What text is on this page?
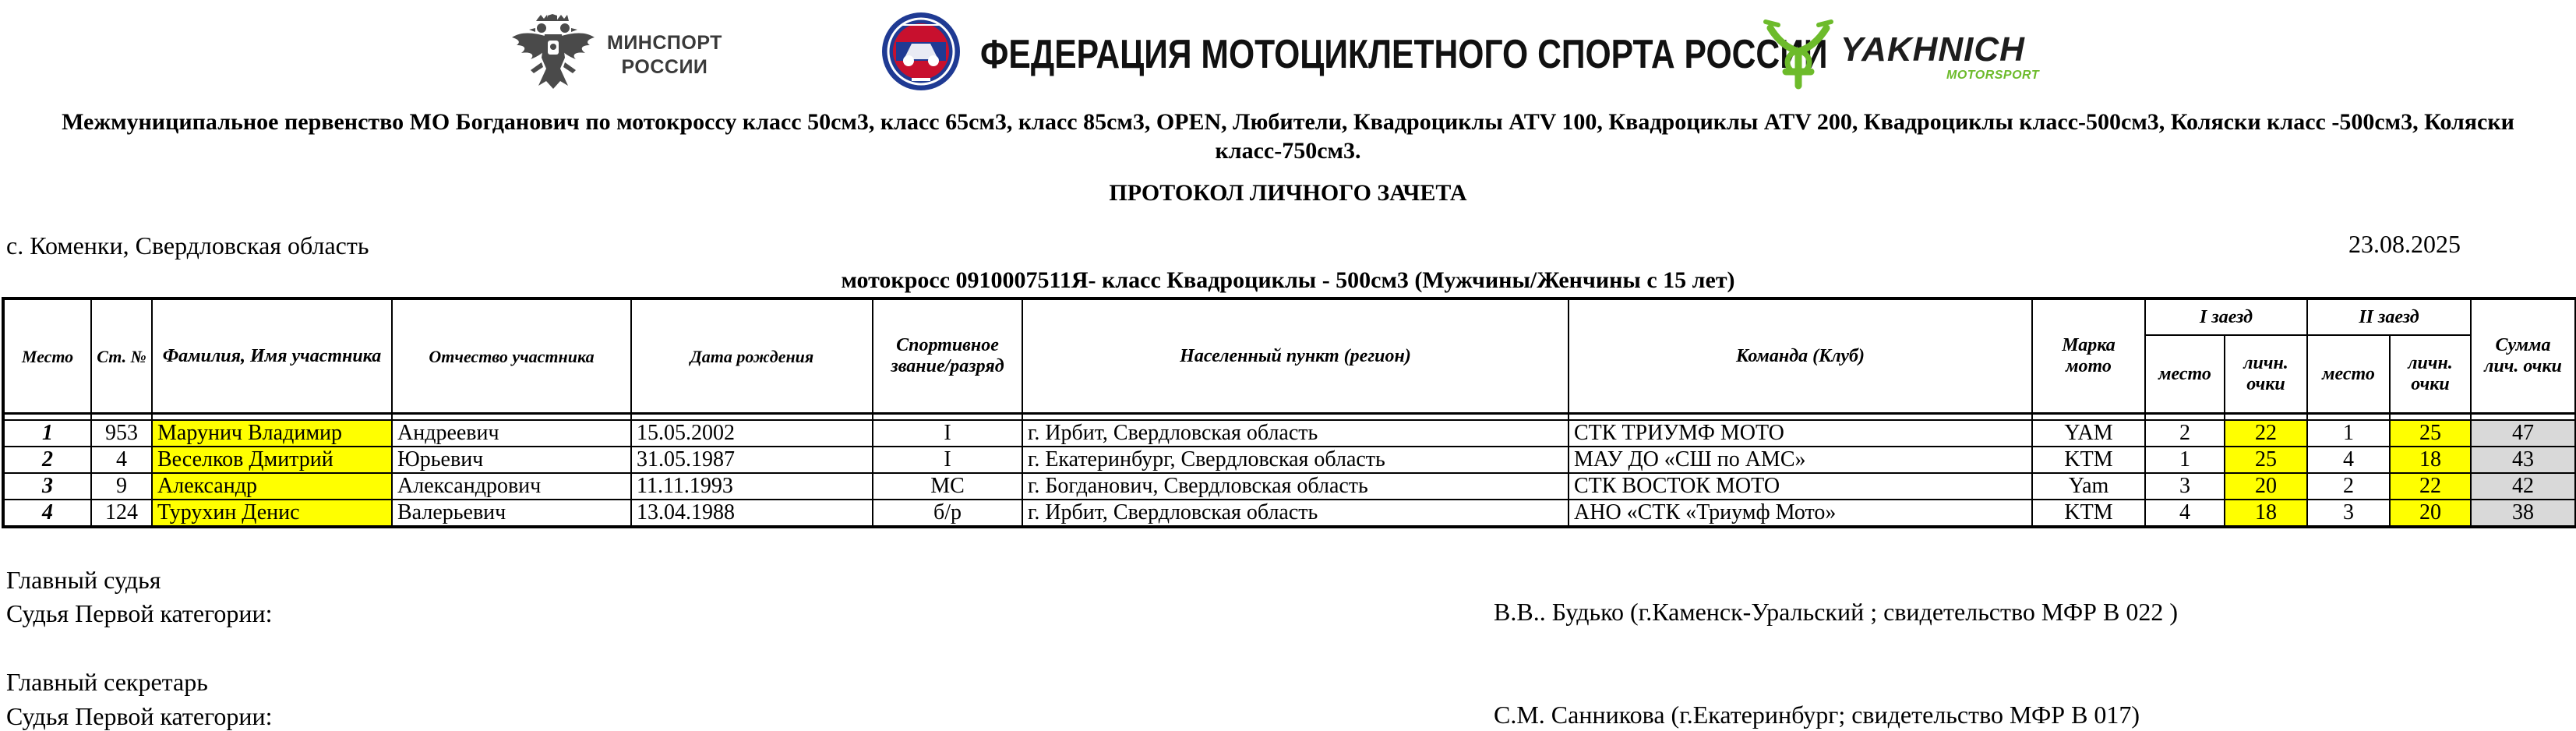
МИНСПОРТ
РОССИИ	ФЕДЕРАЦИЯ МОТОЦИКЛЕТНОГО СПОРТА РОССИИ YAKHNICH
MOTORSPORT
Межмуниципальное первенство МО Богданович по мотокроссу класс 50см3, класс 65см3, класс 85см3, OPEN, Любители, Квадроциклы ATV 100, Квадроциклы ATV 200, Квадроциклы класс-500см3, Коляски класс -500см3, Коляски класс-750см3.
ПРОТОКОЛ ЛИЧНОГО ЗАЧЕТА
с. Коменки, Свердловская область	23.08.2025
мотокросс 0910007511Я- класс Квадроциклы - 500см3 (Мужчины/Женчины с 15 лет)
Место	Ст. №	Фамилия, Имя участника	Отчество участника	Дата рождения	Спортивное звание/разряд	Населенный пункт (регион)	Команда (Клуб)	Марка мото	I заезд		II заезд		Сумма лич. очки
									место	личн. очки	место	личн. очки	

1	953	Марунич Владимир	Андреевич	15.05.2002	I	г. Ирбит, Свердловская область	СТК ТРИУМФ МОТО	YAM	2	22	1	25	47
2	4	Веселков Дмитрий	Юрьевич	31.05.1987	I	г. Екатеринбург, Свердловская область	МАУ ДО «СШ по АМС»	KTM	1	25	4	18	43
3	9	Александр	Александрович	11.11.1993	МС	г. Богданович, Свердловская область	СТК ВОСТОК МОТО	Yam	3	20	2	22	42
4	124	Турухин Денис	Валерьевич	13.04.1988	б/р	г. Ирбит, Свердловская область	АНО «СТК «Триумф Мото»	KTM	4	18	3	20	38
Главный судья
Судья Первой категории:	В.В.. Будько (г.Каменск-Уральский ; свидетельство МФР В 022 )
Главный секретарь
Судья Первой категории:	С.М. Санникова (г.Екатеринбург; свидетельство МФР В 017)
